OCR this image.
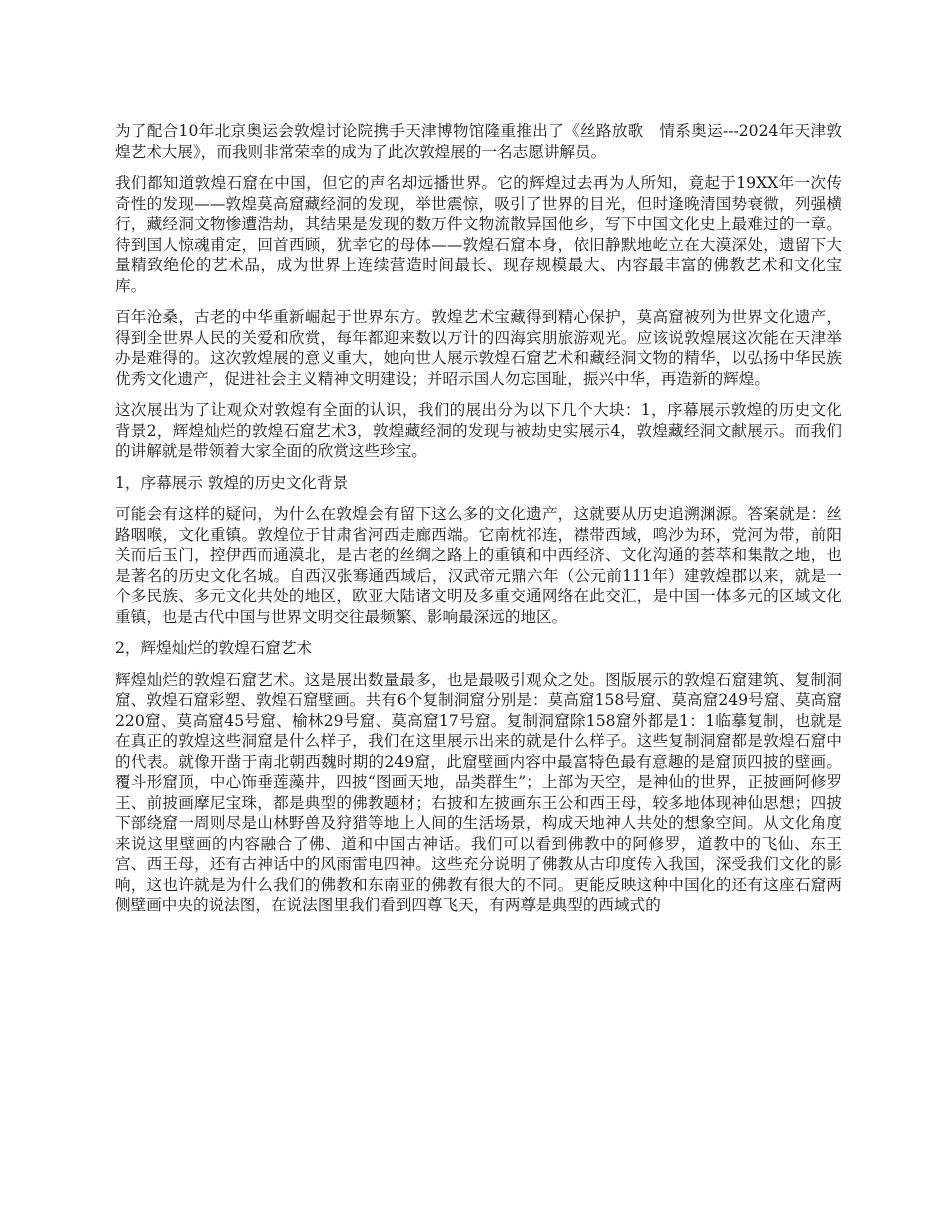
为了配合10年北京奥运会敦煌讨论院携手天津博物馆隆重推出了《丝路放歌　情系奥运---2024年天津敦煌艺术大展》，而我则非常荣幸的成为了此次敦煌展的一名志愿讲解员。

我们都知道敦煌石窟在中国，但它的声名却远播世界。它的辉煌过去再为人所知，竟起于19XX年一次传奇性的发现——敦煌莫高窟藏经洞的发现，举世震惊，吸引了世界的目光，但时逢晚清国势衰微，列强横行，藏经洞文物惨遭浩劫，其结果是发现的数万件文物流散异国他乡，写下中国文化史上最难过的一章。待到国人惊魂甫定，回首西顾，犹幸它的母体——敦煌石窟本身，依旧静默地屹立在大漠深处，遗留下大量精致绝伦的艺术品，成为世界上连续营造时间最长、现存规模最大、内容最丰富的佛教艺术和文化宝库。

百年沧桑，古老的中华重新崛起于世界东方。敦煌艺术宝藏得到精心保护，莫高窟被列为世界文化遗产，得到全世界人民的关爱和欣赏，每年都迎来数以万计的四海宾朋旅游观光。应该说敦煌展这次能在天津举办是难得的。这次敦煌展的意义重大，她向世人展示敦煌石窟艺术和藏经洞文物的精华，以弘扬中华民族优秀文化遗产，促进社会主义精神文明建设；并昭示国人勿忘国耻，振兴中华，再造新的辉煌。

这次展出为了让观众对敦煌有全面的认识，我们的展出分为以下几个大块：1，序幕展示敦煌的历史文化背景2，辉煌灿烂的敦煌石窟艺术3，敦煌藏经洞的发现与被劫史实展示4，敦煌藏经洞文献展示。而我们的讲解就是带领着大家全面的欣赏这些珍宝。

1，序幕展示 敦煌的历史文化背景

可能会有这样的疑问，为什么在敦煌会有留下这么多的文化遗产，这就要从历史追溯渊源。答案就是：丝路咽喉，文化重镇。敦煌位于甘肃省河西走廊西端。它南枕祁连，襟带西域，鸣沙为环，党河为带，前阳关而后玉门，控伊西而通漠北，是古老的丝绸之路上的重镇和中西经济、文化沟通的荟萃和集散之地，也是著名的历史文化名城。自西汉张骞通西域后，汉武帝元鼎六年（公元前111年）建敦煌郡以来，就是一个多民族、多元文化共处的地区，欧亚大陆诸文明及多重交通网络在此交汇，是中国一体多元的区域文化重镇，也是古代中国与世界文明交往最频繁、影响最深远的地区。

2，辉煌灿烂的敦煌石窟艺术

辉煌灿烂的敦煌石窟艺术。这是展出数量最多，也是最吸引观众之处。图版展示的敦煌石窟建筑、复制洞窟、敦煌石窟彩塑、敦煌石窟壁画。共有6个复制洞窟分别是：莫高窟158号窟、莫高窟249号窟、莫高窟220窟、莫高窟45号窟、榆林29号窟、莫高窟17号窟。复制洞窟除158窟外都是1：1临摹复制，也就是在真正的敦煌这些洞窟是什么样子，我们在这里展示出来的就是什么样子。这些复制洞窟都是敦煌石窟中的代表。就像开凿于南北朝西魏时期的249窟，此窟壁画内容中最富特色最有意趣的是窟顶四披的壁画。覆斗形窟顶，中心饰垂莲藻井，四披“图画天地，品类群生”；上部为天空，是神仙的世界，正披画阿修罗王、前披画摩尼宝珠，都是典型的佛教题材；右披和左披画东王公和西王母，较多地体现神仙思想；四披下部绕窟一周则尽是山林野兽及狩猎等地上人间的生活场景，构成天地神人共处的想象空间。从文化角度来说这里壁画的内容融合了佛、道和中国古神话。我们可以看到佛教中的阿修罗，道教中的飞仙、东王宫、西王母，还有古神话中的风雨雷电四神。这些充分说明了佛教从古印度传入我国，深受我们文化的影响，这也许就是为什么我们的佛教和东南亚的佛教有很大的不同。更能反映这种中国化的还有这座石窟两侧壁画中央的说法图，在说法图里我们看到四尊飞天，有两尊是典型的西域式的
